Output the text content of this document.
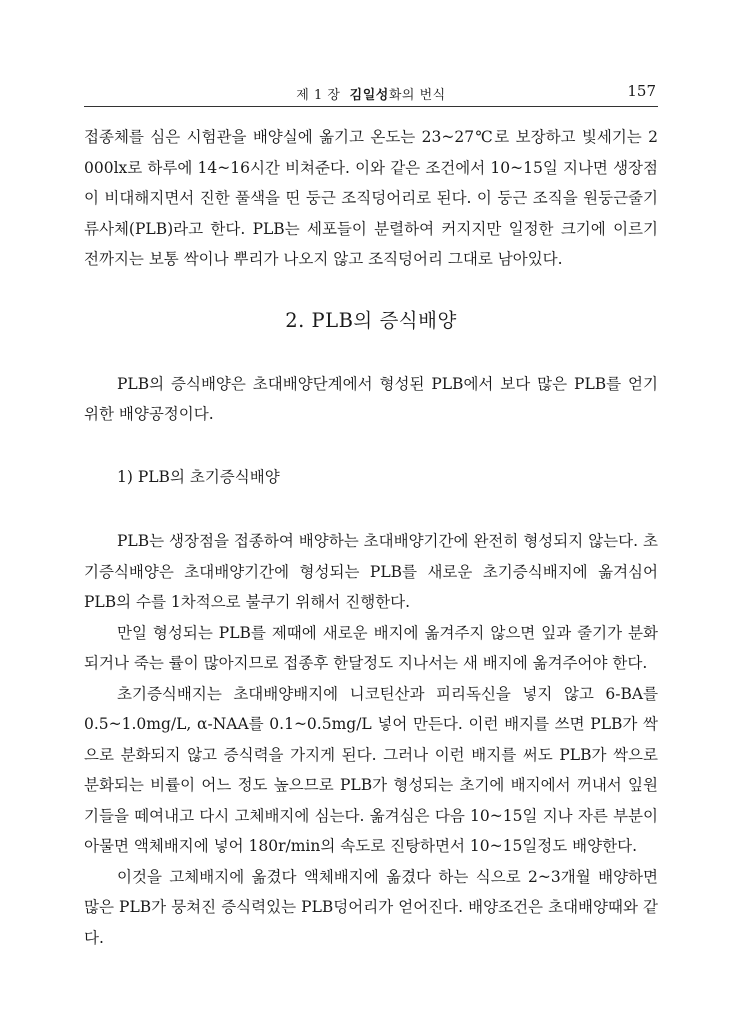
제 1 장 김일성화의 번식	157

접종체를 심은 시험관을 배양실에 옮기고 온도는 23~27℃로 보장하고 빛세기는 2 000lx로 하루에 14~16시간 비쳐준다. 이와 같은 조건에서 10~15일 지나면 생장점이 비대해지면서 진한 풀색을 띤 둥근 조직덩어리로 된다. 이 둥근 조직을 원둥근줄기류사체(PLB)라고 한다. PLB는 세포들이 분렬하여 커지지만 일정한 크기에 이르기 전까지는 보통 싹이나 뿌리가 나오지 않고 조직덩어리 그대로 남아있다.

2. PLB의 증식배양

PLB의 증식배양은 초대배양단계에서 형성된 PLB에서 보다 많은 PLB를 얻기 위한 배양공정이다.

1) PLB의 초기증식배양

PLB는 생장점을 접종하여 배양하는 초대배양기간에 완전히 형성되지 않는다. 초기증식배양은 초대배양기간에 형성되는 PLB를 새로운 초기증식배지에 옮겨심어 PLB의 수를 1차적으로 불쿠기 위해서 진행한다.

만일 형성되는 PLB를 제때에 새로운 배지에 옮겨주지 않으면 잎과 줄기가 분화되거나 죽는 률이 많아지므로 접종후 한달정도 지나서는 새 배지에 옮겨주어야 한다.

초기증식배지는 초대배양배지에 니코틴산과 피리독신을 넣지 않고 6-BA를 0.5~1.0mg/L, α-NAA를 0.1~0.5mg/L 넣어 만든다. 이런 배지를 쓰면 PLB가 싹으로 분화되지 않고 증식력을 가지게 된다. 그러나 이런 배지를 써도 PLB가 싹으로 분화되는 비률이 어느 정도 높으므로 PLB가 형성되는 초기에 배지에서 꺼내서 잎원기들을 떼여내고 다시 고체배지에 심는다. 옮겨심은 다음 10~15일 지나 자른 부분이 아물면 액체배지에 넣어 180r/min의 속도로 진탕하면서 10~15일정도 배양한다.

이것을 고체배지에 옮겼다 액체배지에 옮겼다 하는 식으로 2~3개월 배양하면 많은 PLB가 뭉쳐진 증식력있는 PLB덩어리가 얻어진다. 배양조건은 초대배양때와 같다.
